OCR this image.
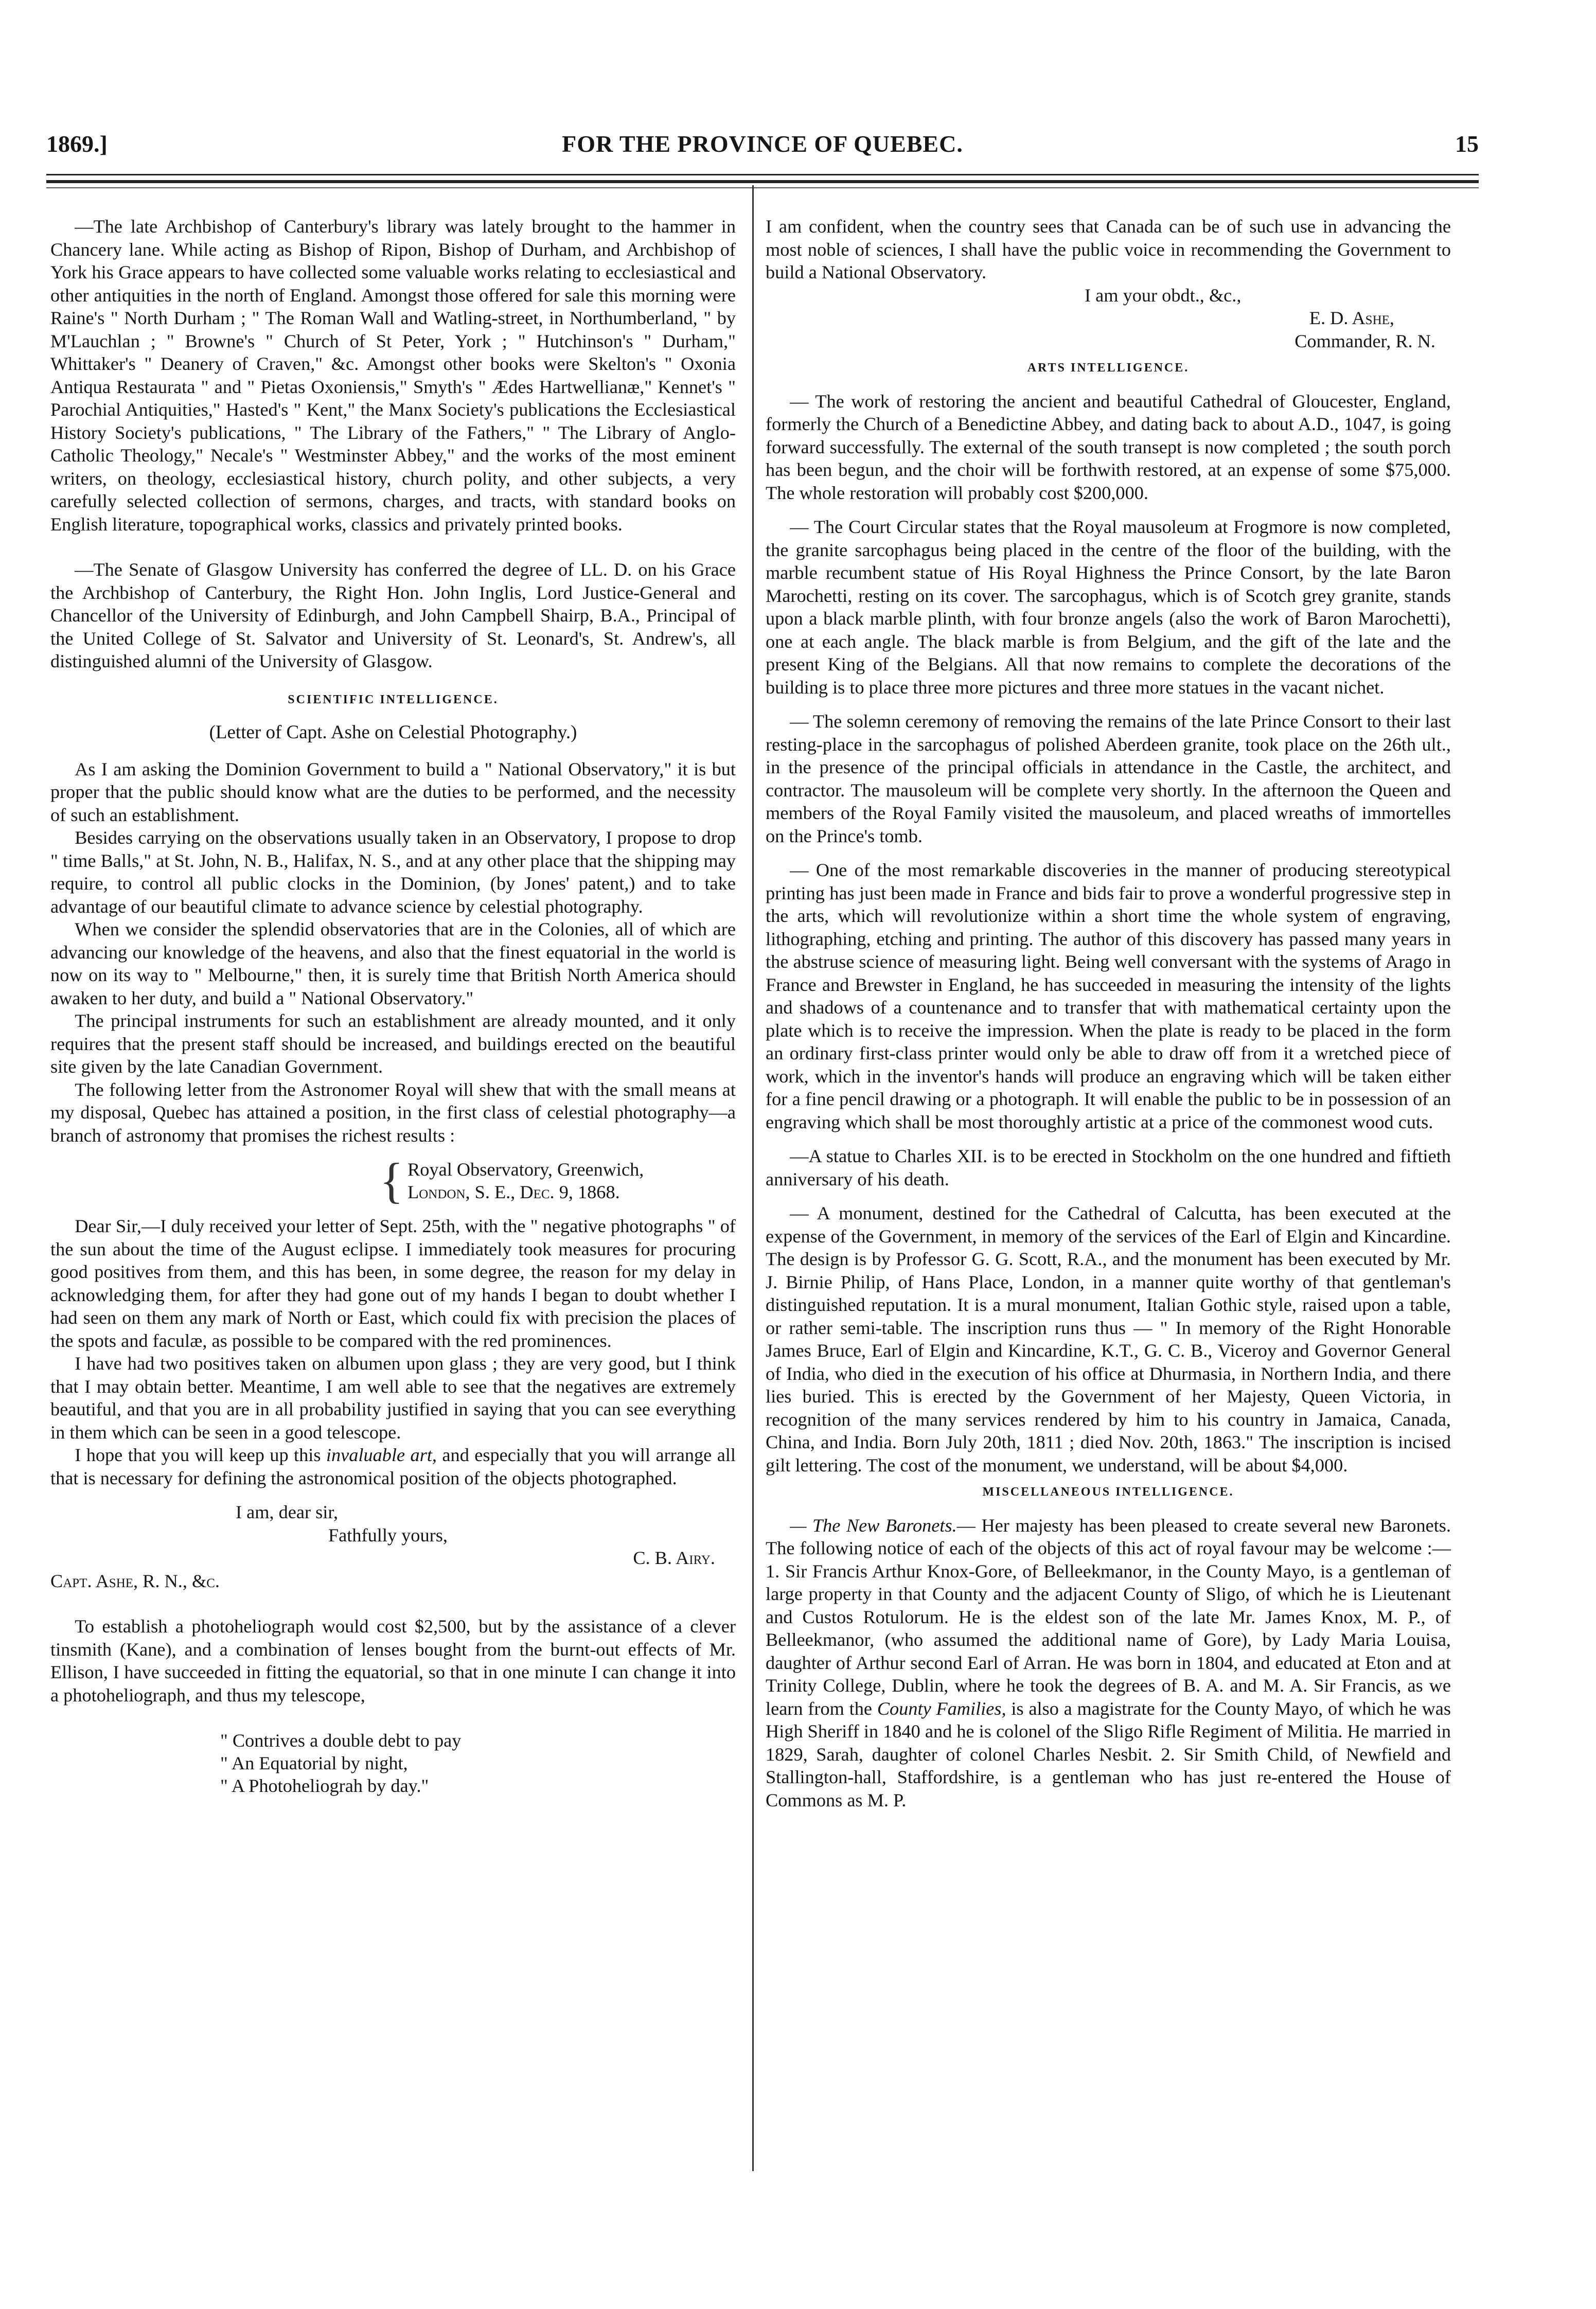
1869.]	FOR THE PROVINCE OF QUEBEC.	15

—The late Archbishop of Canterbury's library was lately brought to the hammer in Chancery lane. While acting as Bishop of Ripon, Bishop of Durham, and Archbishop of York his Grace appears to have collected some valuable works relating to ecclesiastical and other antiquities in the north of England. Amongst those offered for sale this morning were Raine's " North Durham ; " The Roman Wall and Watling-street, in Northumberland, " by M'Lauchlan ; " Browne's " Church of St Peter, York ; " Hutchinson's " Durham," Whittaker's " Deanery of Craven," &c. Amongst other books were Skelton's " Oxonia Antiqua Restaurata " and " Pietas Oxoniensis," Smyth's " Ædes Hartwellianæ," Kennet's " Parochial Antiquities," Hasted's " Kent," the Manx Society's publications the Ecclesiastical History Society's publications, " The Library of the Fathers," " The Library of Anglo-Catholic Theology," Necale's " Westminster Abbey," and the works of the most eminent writers, on theology, ecclesiastical history, church polity, and other subjects, a very carefully selected collection of sermons, charges, and tracts, with standard books on English literature, topographical works, classics and privately printed books.

—The Senate of Glasgow University has conferred the degree of LL. D. on his Grace the Archbishop of Canterbury, the Right Hon. John Inglis, Lord Justice-General and Chancellor of the University of Edinburgh, and John Campbell Shairp, B.A., Principal of the United College of St. Salvator and University of St. Leonard's, St. Andrew's, all distinguished alumni of the University of Glasgow.

SCIENTIFIC INTELLIGENCE.
(Letter of Capt. Ashe on Celestial Photography.)

As I am asking the Dominion Government to build a " National Observatory," it is but proper that the public should know what are the duties to be performed, and the necessity of such an establishment.

Besides carrying on the observations usually taken in an Observatory, I propose to drop " time Balls," at St. John, N. B., Halifax, N. S., and at any other place that the shipping may require, to control all public clocks in the Dominion, (by Jones' patent,) and to take advantage of our beautiful climate to advance science by celestial photography.

When we consider the splendid observatories that are in the Colonies, all of which are advancing our knowledge of the heavens, and also that the finest equatorial in the world is now on its way to " Melbourne," then, it is surely time that British North America should awaken to her duty, and build a " National Observatory."

The principal instruments for such an establishment are already mounted, and it only requires that the present staff should be increased, and buildings erected on the beautiful site given by the late Canadian Government.

The following letter from the Astronomer Royal will shew that with the small means at my disposal, Quebec has attained a position, in the first class of celestial photography—a branch of astronomy that promises the richest results :

{ Royal Observatory, Greenwich,
London, S. E., Dec. 9, 1868.

Dear Sir,—I duly received your letter of Sept. 25th, with the " negative photographs " of the sun about the time of the August eclipse. I immediately took measures for procuring good positives from them, and this has been, in some degree, the reason for my delay in acknowledging them, for after they had gone out of my hands I began to doubt whether I had seen on them any mark of North or East, which could fix with precision the places of the spots and faculæ, as possible to be compared with the red prominences.

I have had two positives taken on albumen upon glass ; they are very good, but I think that I may obtain better. Meantime, I am well able to see that the negatives are extremely beautiful, and that you are in all probability justified in saying that you can see everything in them which can be seen in a good telescope.

I hope that you will keep up this invaluable art, and especially that you will arrange all that is necessary for defining the astronomical position of the objects photographed.

I am, dear sir,
Fathfully yours,
C. B. Airy.
Capt. Ashe, R. N., &c.

To establish a photoheliograph would cost $2,500, but by the assistance of a clever tinsmith (Kane), and a combination of lenses bought from the burnt-out effects of Mr. Ellison, I have succeeded in fitting the equatorial, so that in one minute I can change it into a photoheliograph, and thus my telescope,

" Contrives a double debt to pay
" An Equatorial by night,
" A Photoheliograh by day."

I am confident, when the country sees that Canada can be of such use in advancing the most noble of sciences, I shall have the public voice in recommending the Government to build a National Observatory.

I am your obdt., &c.,
E. D. Ashe,
Commander, R. N.
ARTS INTELLIGENCE.

— The work of restoring the ancient and beautiful Cathedral of Gloucester, England, formerly the Church of a Benedictine Abbey, and dating back to about A.D., 1047, is going forward successfully. The external of the south transept is now completed ; the south porch has been begun, and the choir will be forthwith restored, at an expense of some $75,000. The whole restoration will probably cost $200,000.

— The Court Circular states that the Royal mausoleum at Frogmore is now completed, the granite sarcophagus being placed in the centre of the floor of the building, with the marble recumbent statue of His Royal Highness the Prince Consort, by the late Baron Marochetti, resting on its cover. The sarcophagus, which is of Scotch grey granite, stands upon a black marble plinth, with four bronze angels (also the work of Baron Marochetti), one at each angle. The black marble is from Belgium, and the gift of the late and the present King of the Belgians. All that now remains to complete the decorations of the building is to place three more pictures and three more statues in the vacant nichet.

— The solemn ceremony of removing the remains of the late Prince Consort to their last resting-place in the sarcophagus of polished Aberdeen granite, took place on the 26th ult., in the presence of the principal officials in attendance in the Castle, the architect, and contractor. The mausoleum will be complete very shortly. In the afternoon the Queen and members of the Royal Family visited the mausoleum, and placed wreaths of immortelles on the Prince's tomb.

— One of the most remarkable discoveries in the manner of producing stereotypical printing has just been made in France and bids fair to prove a wonderful progressive step in the arts, which will revolutionize within a short time the whole system of engraving, lithographing, etching and printing. The author of this discovery has passed many years in the abstruse science of measuring light. Being well conversant with the systems of Arago in France and Brewster in England, he has succeeded in measuring the intensity of the lights and shadows of a countenance and to transfer that with mathematical certainty upon the plate which is to receive the impression. When the plate is ready to be placed in the form an ordinary first-class printer would only be able to draw off from it a wretched piece of work, which in the inventor's hands will produce an engraving which will be taken either for a fine pencil drawing or a photograph. It will enable the public to be in possession of an engraving which shall be most thoroughly artistic at a price of the commonest wood cuts.

—A statue to Charles XII. is to be erected in Stockholm on the one hundred and fiftieth anniversary of his death.

— A monument, destined for the Cathedral of Calcutta, has been executed at the expense of the Government, in memory of the services of the Earl of Elgin and Kincardine. The design is by Professor G. G. Scott, R.A., and the monument has been executed by Mr. J. Birnie Philip, of Hans Place, London, in a manner quite worthy of that gentleman's distinguished reputation. It is a mural monument, Italian Gothic style, raised upon a table, or rather semi-table. The inscription runs thus — " In memory of the Right Honorable James Bruce, Earl of Elgin and Kincardine, K.T., G. C. B., Viceroy and Governor General of India, who died in the execution of his office at Dhurmasia, in Northern India, and there lies buried. This is erected by the Government of her Majesty, Queen Victoria, in recognition of the many services rendered by him to his country in Jamaica, Canada, China, and India. Born July 20th, 1811 ; died Nov. 20th, 1863." The inscription is incised gilt lettering. The cost of the monument, we understand, will be about $4,000.

MISCELLANEOUS INTELLIGENCE.

— The New Baronets.— Her majesty has been pleased to create several new Baronets. The following notice of each of the objects of this act of royal favour may be welcome :— 1. Sir Francis Arthur Knox-Gore, of Belleekmanor, in the County Mayo, is a gentleman of large property in that County and the adjacent County of Sligo, of which he is Lieutenant and Custos Rotulorum. He is the eldest son of the late Mr. James Knox, M. P., of Belleekmanor, (who assumed the additional name of Gore), by Lady Maria Louisa, daughter of Arthur second Earl of Arran. He was born in 1804, and educated at Eton and at Trinity College, Dublin, where he took the degrees of B. A. and M. A. Sir Francis, as we learn from the County Families, is also a magistrate for the County Mayo, of which he was High Sheriff in 1840 and he is colonel of the Sligo Rifle Regiment of Militia. He married in 1829, Sarah, daughter of colonel Charles Nesbit. 2. Sir Smith Child, of Newfield and Stallington-hall, Staffordshire, is a gentleman who has just re-entered the House of Commons as M. P.
